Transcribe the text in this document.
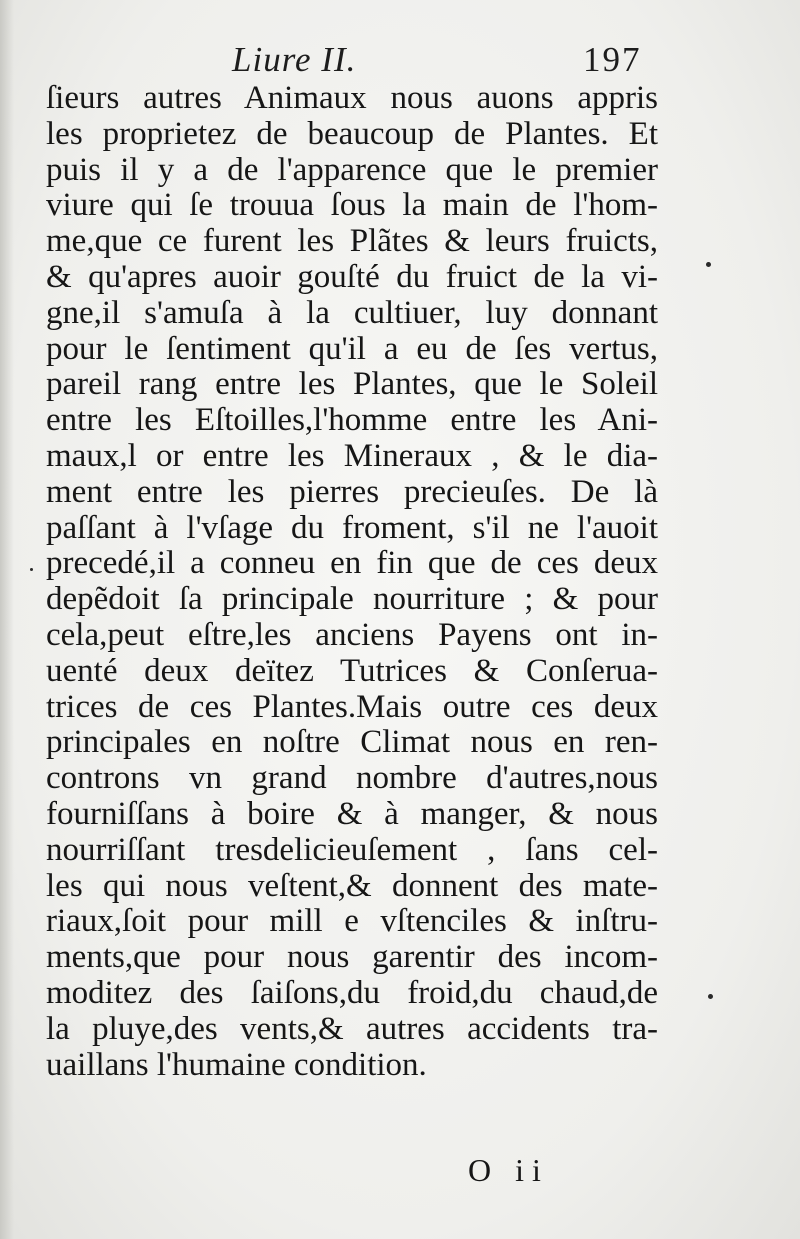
Liure II.	197
ſieurs autres Animaux nous auons appris
les proprietez de beaucoup de Plantes. Et
puis il y a de l'apparence que le premier
viure qui ſe trouua ſous la main de l'hom-
me,que ce furent les Plãtes & leurs fruicts,
& qu'apres auoir gouſté du fruict de la vi-
gne,il s'amuſa à la cultiuer, luy donnant
pour le ſentiment qu'il a eu de ſes vertus,
pareil rang entre les Plantes, que le Soleil
entre les Eſtoilles,l'homme entre les Ani-
maux,l or entre les Mineraux , & le dia-
ment entre les pierres precieuſes. De là
paſſant à l'vſage du froment, s'il ne l'auoit
precedé,il a conneu en fin que de ces deux
depẽdoit ſa principale nourriture ; & pour
cela,peut eſtre,les anciens Payens ont in-
uenté deux deïtez Tutrices & Conſerua-
trices de ces Plantes.Mais outre ces deux
principales en noſtre Climat nous en ren-
controns vn grand nombre d'autres,nous
fourniſſans à boire & à manger, & nous
nourriſſant tresdelicieuſement , ſans cel-
les qui nous veſtent,& donnent des mate-
riaux,ſoit pour mill e vſtenciles & inſtru-
ments,que pour nous garentir des incom-
moditez des ſaiſons,du froid,du chaud,de
la pluye,des vents,& autres accidents tra-
uaillans l'humaine condition.
O ii
